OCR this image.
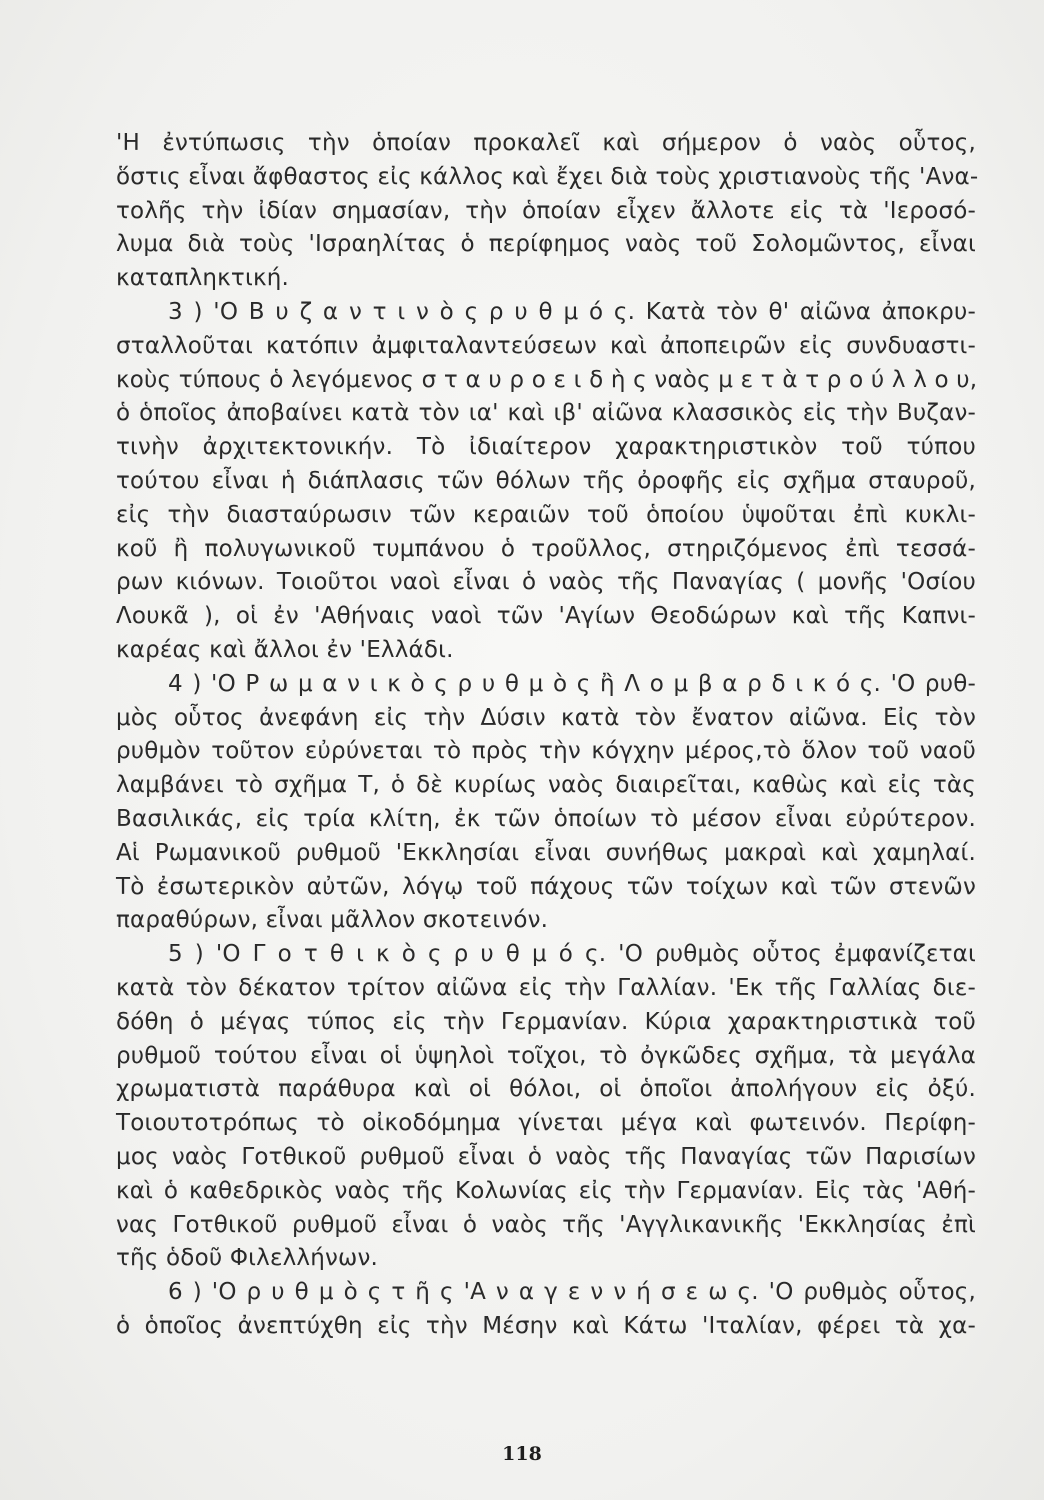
'Η ἐντύπωσις τὴν ὁποίαν προκαλεῖ καὶ σήμερον ὁ ναὸς οὗτος,
ὅστις εἶναι ἄφθαστος εἰς κάλλος καὶ ἔχει διὰ τοὺς χριστιανοὺς τῆς 'Ανα-
τολῆς τὴν ἰδίαν σημασίαν, τὴν ὁποίαν εἶχεν ἄλλοτε εἰς τὰ 'Ιεροσό-
λυμα διὰ τοὺς 'Ισραηλίτας ὁ περίφημος ναὸς τοῦ Σολομῶντος, εἶναι
καταπληκτική.
3 ) 'Ο Β υ ζ α ν τ ι ν ὸ ς ρ υ θ μ ό ς. Κατὰ τὸν θ' αἰῶνα ἀποκρυ-
σταλλοῦται κατόπιν ἀμφιταλαντεύσεων καὶ ἀποπειρῶν εἰς συνδυαστι-
κοὺς τύπους ὁ λεγόμενος σ τ α υ ρ ο ε ι δ ὴ ς ναὸς μ ε τ ὰ τ ρ ο ύ λ λ ο υ,
ὁ ὁποῖος ἀποβαίνει κατὰ τὸν ια' καὶ ιβ' αἰῶνα κλασσικὸς εἰς τὴν Βυζαν-
τινὴν ἀρχιτεκτονικήν. Τὸ ἰδιαίτερον χαρακτηριστικὸν τοῦ τύπου
τούτου εἶναι ἡ διάπλασις τῶν θόλων τῆς ὀροφῆς εἰς σχῆμα σταυροῦ,
εἰς τὴν διασταύρωσιν τῶν κεραιῶν τοῦ ὁποίου ὑψοῦται ἐπὶ κυκλι-
κοῦ ἢ πολυγωνικοῦ τυμπάνου ὁ τροῦλλος, στηριζόμενος ἐπὶ τεσσά-
ρων κιόνων. Τοιοῦτοι ναοὶ εἶναι ὁ ναὸς τῆς Παναγίας ( μονῆς 'Οσίου
Λουκᾶ ), οἱ ἐν 'Αθήναις ναοὶ τῶν 'Αγίων Θεοδώρων καὶ τῆς Καπνι-
καρέας καὶ ἄλλοι ἐν 'Ελλάδι.
4 ) 'Ο Ρ ω μ α ν ι κ ὸ ς ρ υ θ μ ὸ ς ἢ Λ ο μ β α ρ δ ι κ ό ς. 'Ο ρυθ-
μὸς οὗτος ἀνεφάνη εἰς τὴν Δύσιν κατὰ τὸν ἔνατον αἰῶνα. Εἰς τὸν
ρυθμὸν τοῦτον εὐρύνεται τὸ πρὸς τὴν κόγχην μέρος,τὸ ὅλον τοῦ ναοῦ
λαμβάνει τὸ σχῆμα Τ, ὁ δὲ κυρίως ναὸς διαιρεῖται, καθὼς καὶ εἰς τὰς
Βασιλικάς, εἰς τρία κλίτη, ἐκ τῶν ὁποίων τὸ μέσον εἶναι εὐρύτερον.
Αἱ Ρωμανικοῦ ρυθμοῦ 'Εκκλησίαι εἶναι συνήθως μακραὶ καὶ χαμηλαί.
Τὸ ἐσωτερικὸν αὐτῶν, λόγῳ τοῦ πάχους τῶν τοίχων καὶ τῶν στενῶν
παραθύρων, εἶναι μᾶλλον σκοτεινόν.
5 ) 'Ο Γ ο τ θ ι κ ὸ ς ρ υ θ μ ό ς. 'Ο ρυθμὸς οὗτος ἐμφανίζεται
κατὰ τὸν δέκατον τρίτον αἰῶνα εἰς τὴν Γαλλίαν. 'Εκ τῆς Γαλλίας διε-
δόθη ὁ μέγας τύπος εἰς τὴν Γερμανίαν. Κύρια χαρακτηριστικὰ τοῦ
ρυθμοῦ τούτου εἶναι οἱ ὑψηλοὶ τοῖχοι, τὸ ὀγκῶδες σχῆμα, τὰ μεγάλα
χρωματιστὰ παράθυρα καὶ οἱ θόλοι, οἱ ὁποῖοι ἀπολήγουν εἰς ὀξύ.
Τοιουτοτρόπως τὸ οἰκοδόμημα γίνεται μέγα καὶ φωτεινόν. Περίφη-
μος ναὸς Γοτθικοῦ ρυθμοῦ εἶναι ὁ ναὸς τῆς Παναγίας τῶν Παρισίων
καὶ ὁ καθεδρικὸς ναὸς τῆς Κολωνίας εἰς τὴν Γερμανίαν. Εἰς τὰς 'Αθή-
νας Γοτθικοῦ ρυθμοῦ εἶναι ὁ ναὸς τῆς 'Αγγλικανικῆς 'Εκκλησίας ἐπὶ
τῆς ὁδοῦ Φιλελλήνων.
6 ) 'Ο ρ υ θ μ ὸ ς τ ῆ ς 'Α ν α γ ε ν ν ή σ ε ω ς. 'Ο ρυθμὸς οὗτος,
ὁ ὁποῖος ἀνεπτύχθη εἰς τὴν Μέσην καὶ Κάτω 'Ιταλίαν, φέρει τὰ χα-
118
